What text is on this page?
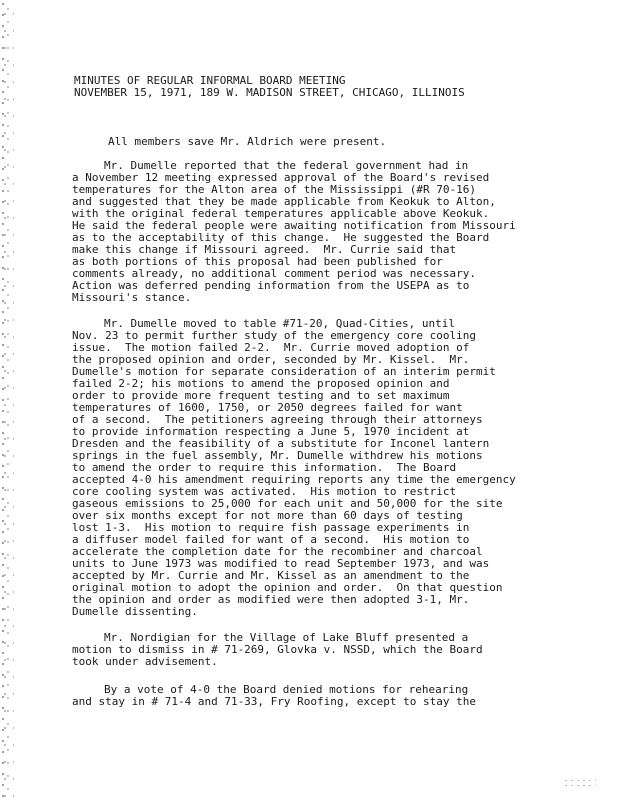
MINUTES OF REGULAR INFORMAL BOARD MEETING
NOVEMBER 15, 1971, 189 W. MADISON STREET, CHICAGO, ILLINOIS
All members save Mr. Aldrich were present.
Mr. Dumelle reported that the federal government had in
a November 12 meeting expressed approval of the Board's revised
temperatures for the Alton area of the Mississippi (#R 70-16)
and suggested that they be made applicable from Keokuk to Alton,
with the original federal temperatures applicable above Keokuk.
He said the federal people were awaiting notification from Missouri
as to the acceptability of this change.  He suggested the Board
make this change if Missouri agreed.  Mr. Currie said that
as both portions of this proposal had been published for
comments already, no additional comment period was necessary.
Action was deferred pending information from the USEPA as to
Missouri's stance.
Mr. Dumelle moved to table #71-20, Quad-Cities, until
Nov. 23 to permit further study of the emergency core cooling
issue.  The motion failed 2-2.  Mr. Currie moved adoption of
the proposed opinion and order, seconded by Mr. Kissel.  Mr.
Dumelle's motion for separate consideration of an interim permit
failed 2-2; his motions to amend the proposed opinion and
order to provide more frequent testing and to set maximum
temperatures of 1600, 1750, or 2050 degrees failed for want
of a second.  The petitioners agreeing through their attorneys
to provide information respecting a June 5, 1970 incident at
Dresden and the feasibility of a substitute for Inconel lantern
springs in the fuel assembly, Mr. Dumelle withdrew his motions
to amend the order to require this information.  The Board
accepted 4-0 his amendment requiring reports any time the emergency
core cooling system was activated.  His motion to restrict
gaseous emissions to 25,000 for each unit and 50,000 for the site
over six months except for not more than 60 days of testing
lost 1-3.  His motion to require fish passage experiments in
a diffuser model failed for want of a second.  His motion to
accelerate the completion date for the recombiner and charcoal
units to June 1973 was modified to read September 1973, and was
accepted by Mr. Currie and Mr. Kissel as an amendment to the
original motion to adopt the opinion and order.  On that question
the opinion and order as modified were then adopted 3-1, Mr.
Dumelle dissenting.
Mr. Nordigian for the Village of Lake Bluff presented a
motion to dismiss in # 71-269, Glovka v. NSSD, which the Board
took under advisement.
By a vote of 4-0 the Board denied motions for rehearing
and stay in # 71-4 and 71-33, Fry Roofing, except to stay the
